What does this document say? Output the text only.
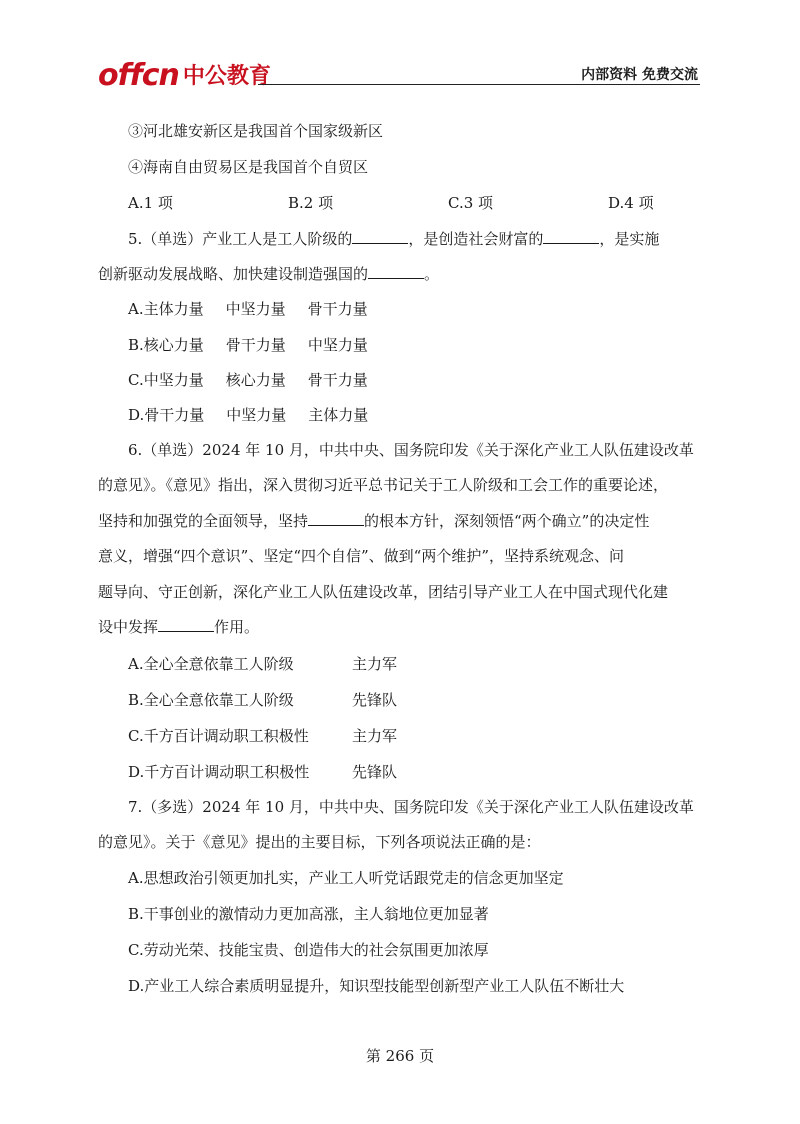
offcn 中公教育	内部资料 免费交流
③河北雄安新区是我国首个国家级新区
④海南自由贸易区是我国首个自贸区
A.1 项	B.2 项	C.3 项	D.4 项
5.（单选）产业工人是工人阶级的	，是创造社会财富的	，是实施
创新驱动发展战略、加快建设制造强国的	。
A.主体力量 中坚力量 骨干力量
B.核心力量 骨干力量 中坚力量
C.中坚力量 核心力量 骨干力量
D.骨干力量 中坚力量 主体力量
6.（单选）2024 年 10 月，中共中央、国务院印发《关于深化产业工人队伍建设改革
的意见》。《意见》指出，深入贯彻习近平总书记关于工人阶级和工会工作的重要论述，
坚持和加强党的全面领导，坚持	的根本方针，深刻领悟“两个确立”的决定性
意义，增强“四个意识”、坚定“四个自信”、做到“两个维护”，坚持系统观念、问
题导向、守正创新，深化产业工人队伍建设改革，团结引导产业工人在中国式现代化建
设中发挥	作用。
A.全心全意依靠工人阶级	主力军
B.全心全意依靠工人阶级	先锋队
C.千方百计调动职工积极性	主力军
D.千方百计调动职工积极性	先锋队
7.（多选）2024 年 10 月，中共中央、国务院印发《关于深化产业工人队伍建设改革
的意见》。关于《意见》提出的主要目标，下列各项说法正确的是：
A.思想政治引领更加扎实，产业工人听党话跟党走的信念更加坚定
B.干事创业的激情动力更加高涨，主人翁地位更加显著
C.劳动光荣、技能宝贵、创造伟大的社会氛围更加浓厚
D.产业工人综合素质明显提升，知识型技能型创新型产业工人队伍不断壮大
第 266 页
